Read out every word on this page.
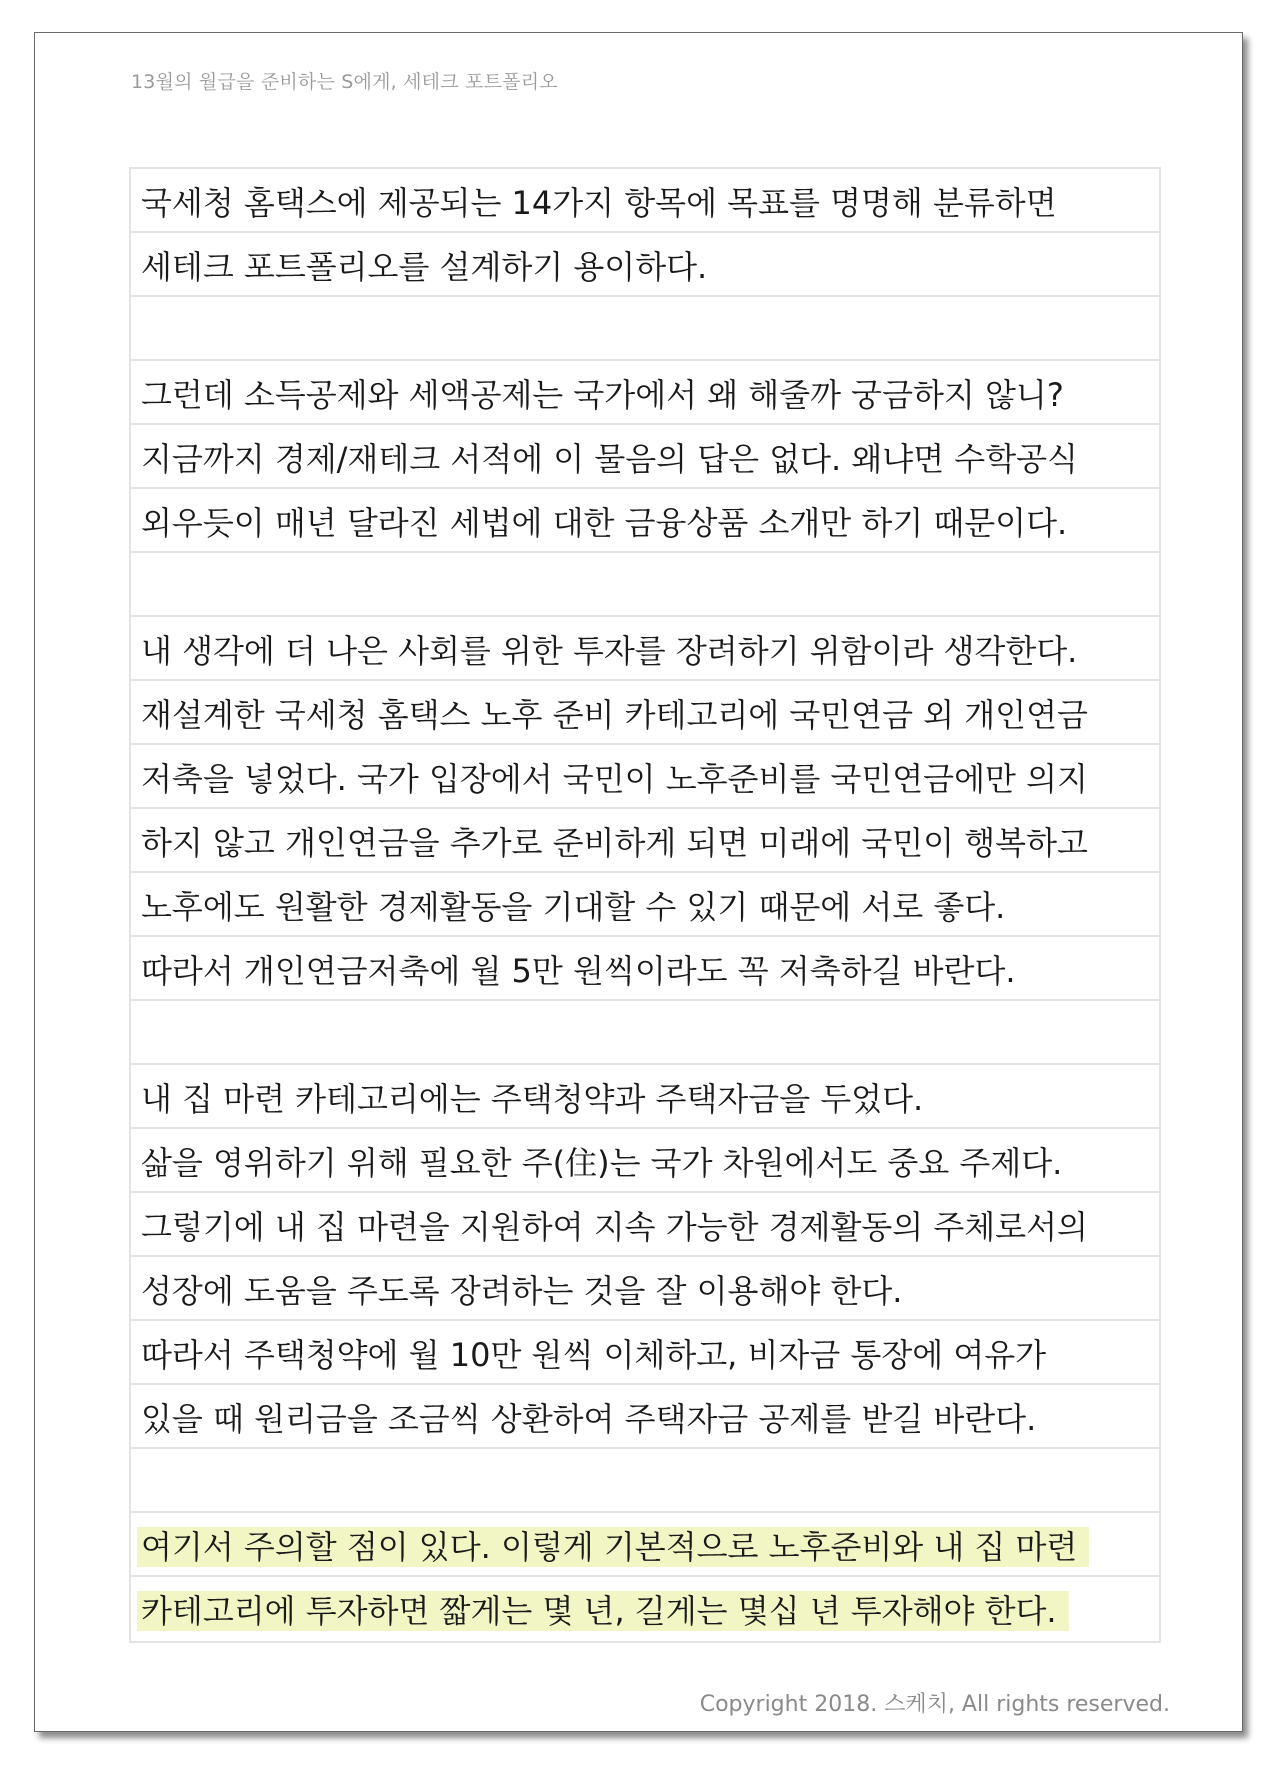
13월의 월급을 준비하는 S에게, 세테크 포트폴리오
국세청 홈택스에 제공되는 14가지 항목에 목표를 명명해 분류하면
세테크 포트폴리오를 설계하기 용이하다.
그런데 소득공제와 세액공제는 국가에서 왜 해줄까 궁금하지 않니?
지금까지 경제/재테크 서적에 이 물음의 답은 없다. 왜냐면 수학공식
외우듯이 매년 달라진 세법에 대한 금융상품 소개만 하기 때문이다.
내 생각에 더 나은 사회를 위한 투자를 장려하기 위함이라 생각한다.
재설계한 국세청 홈택스 노후 준비 카테고리에 국민연금 외 개인연금
저축을 넣었다. 국가 입장에서 국민이 노후준비를 국민연금에만 의지
하지 않고 개인연금을 추가로 준비하게 되면 미래에 국민이 행복하고
노후에도 원활한 경제활동을 기대할 수 있기 때문에 서로 좋다.
따라서 개인연금저축에 월 5만 원씩이라도 꼭 저축하길 바란다.
내 집 마련 카테고리에는 주택청약과 주택자금을 두었다.
삶을 영위하기 위해 필요한 주(住)는 국가 차원에서도 중요 주제다.
그렇기에 내 집 마련을 지원하여 지속 가능한 경제활동의 주체로서의
성장에 도움을 주도록 장려하는 것을 잘 이용해야 한다.
따라서 주택청약에 월 10만 원씩 이체하고, 비자금 통장에 여유가
있을 때 원리금을 조금씩 상환하여 주택자금 공제를 받길 바란다.
여기서 주의할 점이 있다. 이렇게 기본적으로 노후준비와 내 집 마련
카테고리에 투자하면 짧게는 몇 년, 길게는 몇십 년 투자해야 한다.
Copyright 2018. 스케치, All rights reserved.
